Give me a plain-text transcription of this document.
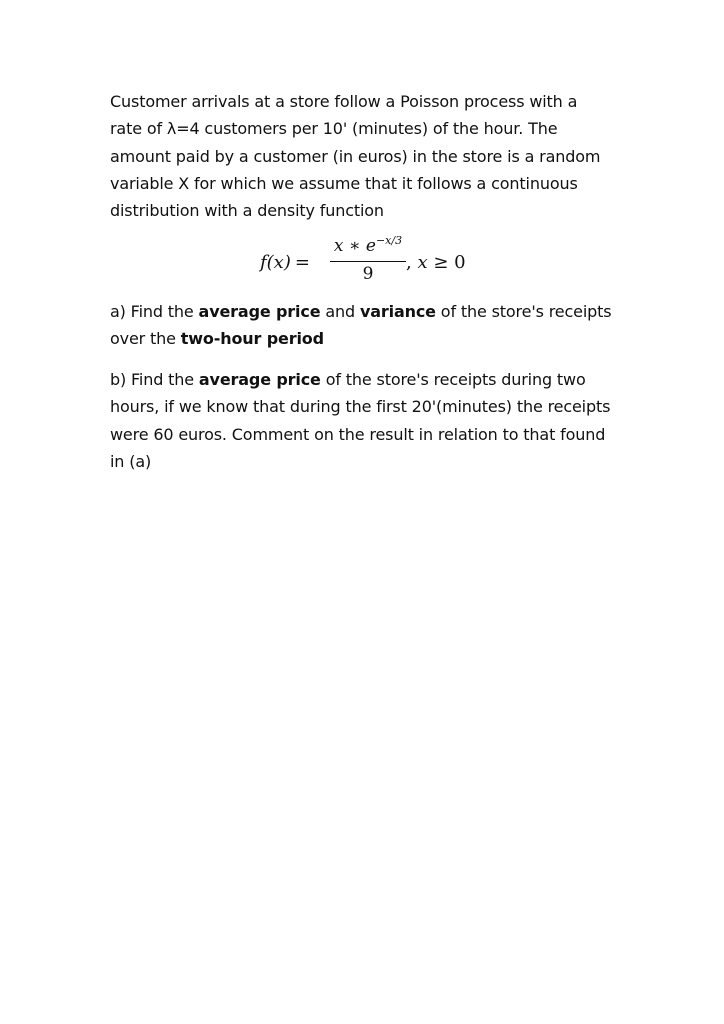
Customer arrivals at a store follow a Poisson process with a
rate of λ=4 customers per 10' (minutes) of the hour. The
amount paid by a customer (in euros) in the store is a random
variable X for which we assume that it follows a continuous
distribution with a density function
f(x) =
x ∗ $e^{-x/3}$
9
, x ≥ 0
a) Find the average price and variance of the store's receipts
over the two-hour period
b) Find the average price of the store's receipts during two
hours, if we know that during the first 20'(minutes) the receipts
were 60 euros. Comment on the result in relation to that found
in (a)
